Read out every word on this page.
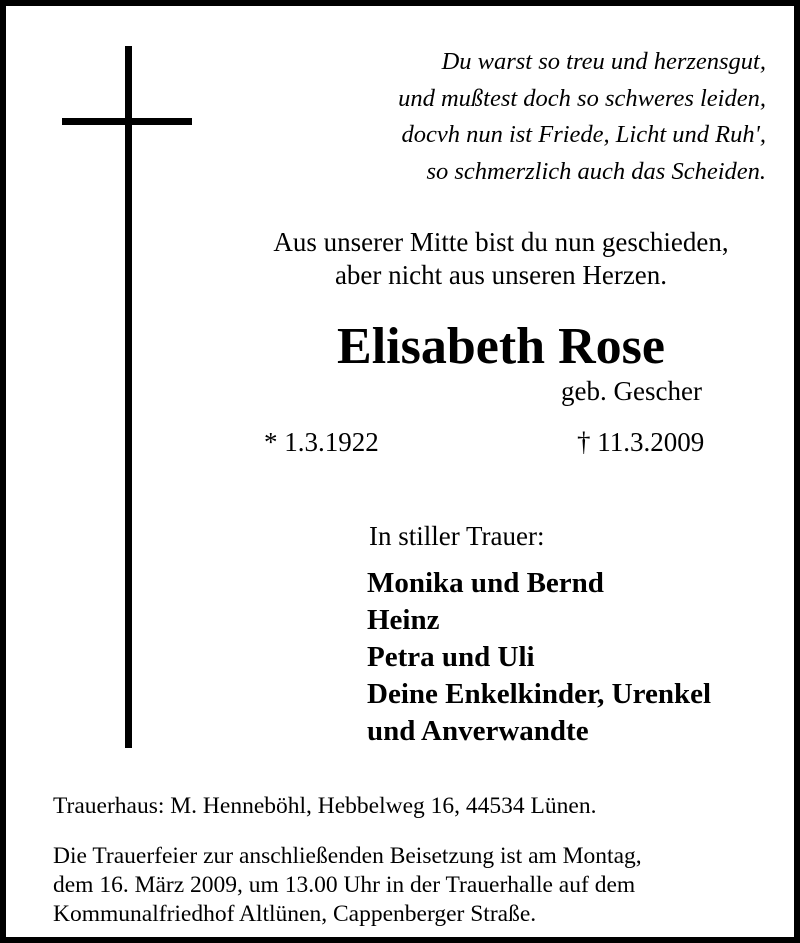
Du warst so treu und herzensgut,
und mußtest doch so schweres leiden,
docvh nun ist Friede, Licht und Ruh',
so schmerzlich auch das Scheiden.
Aus unserer Mitte bist du nun geschieden,
aber nicht aus unseren Herzen.
Elisabeth Rose
geb. Gescher
* 1.3.1922	† 11.3.2009
In stiller Trauer:
Monika und Bernd
Heinz
Petra und Uli
Deine Enkelkinder, Urenkel
und Anverwandte
Trauerhaus: M. Henneböhl, Hebbelweg 16, 44534 Lünen.
Die Trauerfeier zur anschließenden Beisetzung ist am Montag,
dem 16. März 2009, um 13.00 Uhr in der Trauerhalle auf dem
Kommunalfriedhof Altlünen, Cappenberger Straße.
